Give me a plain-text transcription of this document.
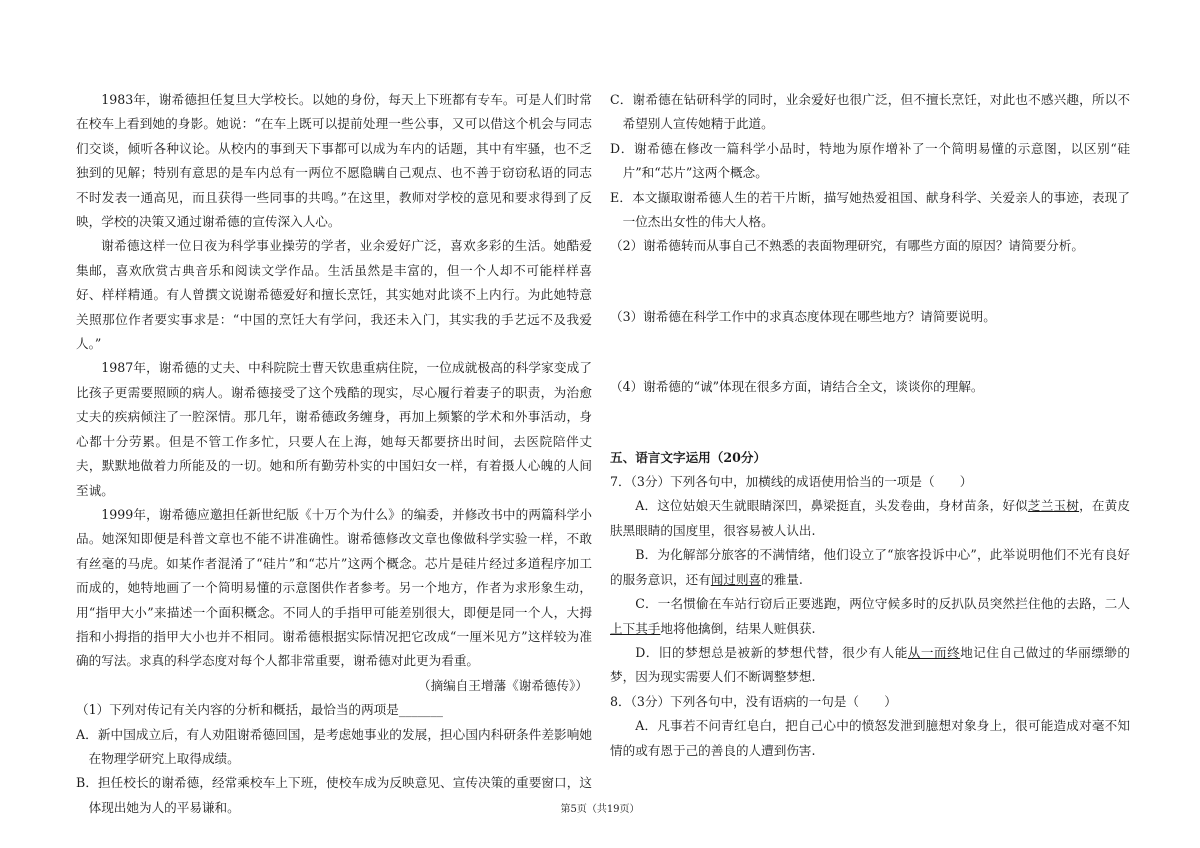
1983年，谢希德担任复旦大学校长。以她的身份，每天上下班都有专车。可是人们时常在校车上看到她的身影。她说：“在车上既可以提前处理一些公事，又可以借这个机会与同志们交谈，倾听各种议论。从校内的事到天下事都可以成为车内的话题，其中有牢骚，也不乏独到的见解；特别有意思的是车内总有一两位不愿隐瞒自己观点、也不善于窃窃私语的同志不时发表一通高见，而且获得一些同事的共鸣。”在这里，教师对学校的意见和要求得到了反映，学校的决策又通过谢希德的宣传深入人心。

谢希德这样一位日夜为科学事业操劳的学者，业余爱好广泛，喜欢多彩的生活。她酷爱集邮，喜欢欣赏古典音乐和阅读文学作品。生活虽然是丰富的，但一个人却不可能样样喜好、样样精通。有人曾撰文说谢希德爱好和擅长烹饪，其实她对此谈不上内行。为此她特意关照那位作者要实事求是：“中国的烹饪大有学问，我还未入门，其实我的手艺远不及我爱人。”

1987年，谢希德的丈夫、中科院院士曹天钦患重病住院，一位成就极高的科学家变成了比孩子更需要照顾的病人。谢希德接受了这个残酷的现实，尽心履行着妻子的职责，为治愈丈夫的疾病倾注了一腔深情。那几年，谢希德政务缠身，再加上频繁的学术和外事活动，身心都十分劳累。但是不管工作多忙，只要人在上海，她每天都要挤出时间，去医院陪伴丈夫，默默地做着力所能及的一切。她和所有勤劳朴实的中国妇女一样，有着摄人心魄的人间至诚。

1999年，谢希德应邀担任新世纪版《十万个为什么》的编委，并修改书中的两篇科学小品。她深知即便是科普文章也不能不讲准确性。谢希德修改文章也像做科学实验一样，不敢有丝毫的马虎。如某作者混淆了“硅片”和“芯片”这两个概念。芯片是硅片经过多道程序加工而成的，她特地画了一个简明易懂的示意图供作者参考。另一个地方，作者为求形象生动，用“指甲大小”来描述一个面积概念。不同人的手指甲可能差别很大，即便是同一个人，大拇指和小拇指的指甲大小也并不相同。谢希德根据实际情况把它改成“一厘米见方”这样较为准确的写法。求真的科学态度对每个人都非常重要，谢希德对此更为看重。

（摘编自王增藩《谢希德传》）

（1）下列对传记有关内容的分析和概括，最恰当的两项是_______

A．新中国成立后，有人劝阻谢希德回国，是考虑她事业的发展，担心国内科研条件差影响她在物理学研究上取得成绩。

B．担任校长的谢希德，经常乘校车上下班，使校车成为反映意见、宣传决策的重要窗口，这体现出她为人的平易谦和。

C．谢希德在钻研科学的同时，业余爱好也很广泛，但不擅长烹饪，对此也不感兴趣，所以不希望别人宣传她精于此道。

D．谢希德在修改一篇科学小品时，特地为原作增补了一个简明易懂的示意图，以区别“硅片”和“芯片”这两个概念。

E．本文撷取谢希德人生的若干片断，描写她热爱祖国、献身科学、关爱亲人的事迹，表现了一位杰出女性的伟大人格。

（2）谢希德转而从事自己不熟悉的表面物理研究，有哪些方面的原因？请简要分析。

（3）谢希德在科学工作中的求真态度体现在哪些地方？请简要说明。

（4）谢希德的“诚”体现在很多方面，请结合全文，谈谈你的理解。

五、语言文字运用（20分）

7．（3分）下列各句中，加横线的成语使用恰当的一项是（　　）

A．这位姑娘天生就眼睛深凹，鼻梁挺直，头发卷曲，身材苗条，好似芝兰玉树，在黄皮肤黑眼睛的国度里，很容易被人认出.

B．为化解部分旅客的不满情绪，他们设立了“旅客投诉中心”，此举说明他们不光有良好的服务意识，还有闻过则喜的雅量.

C．一名惯偷在车站行窃后正要逃跑，两位守候多时的反扒队员突然拦住他的去路，二人上下其手地将他擒倒，结果人赃俱获.

D．旧的梦想总是被新的梦想代替，很少有人能从一而终地记住自己做过的华丽缥缈的梦，因为现实需要人们不断调整梦想.

8．（3分）下列各句中，没有语病的一句是（　　）

A．凡事若不问青红皂白，把自己心中的愤怒发泄到臆想对象身上，很可能造成对毫不知情的或有恩于己的善良的人遭到伤害.

第5页（共19页）
